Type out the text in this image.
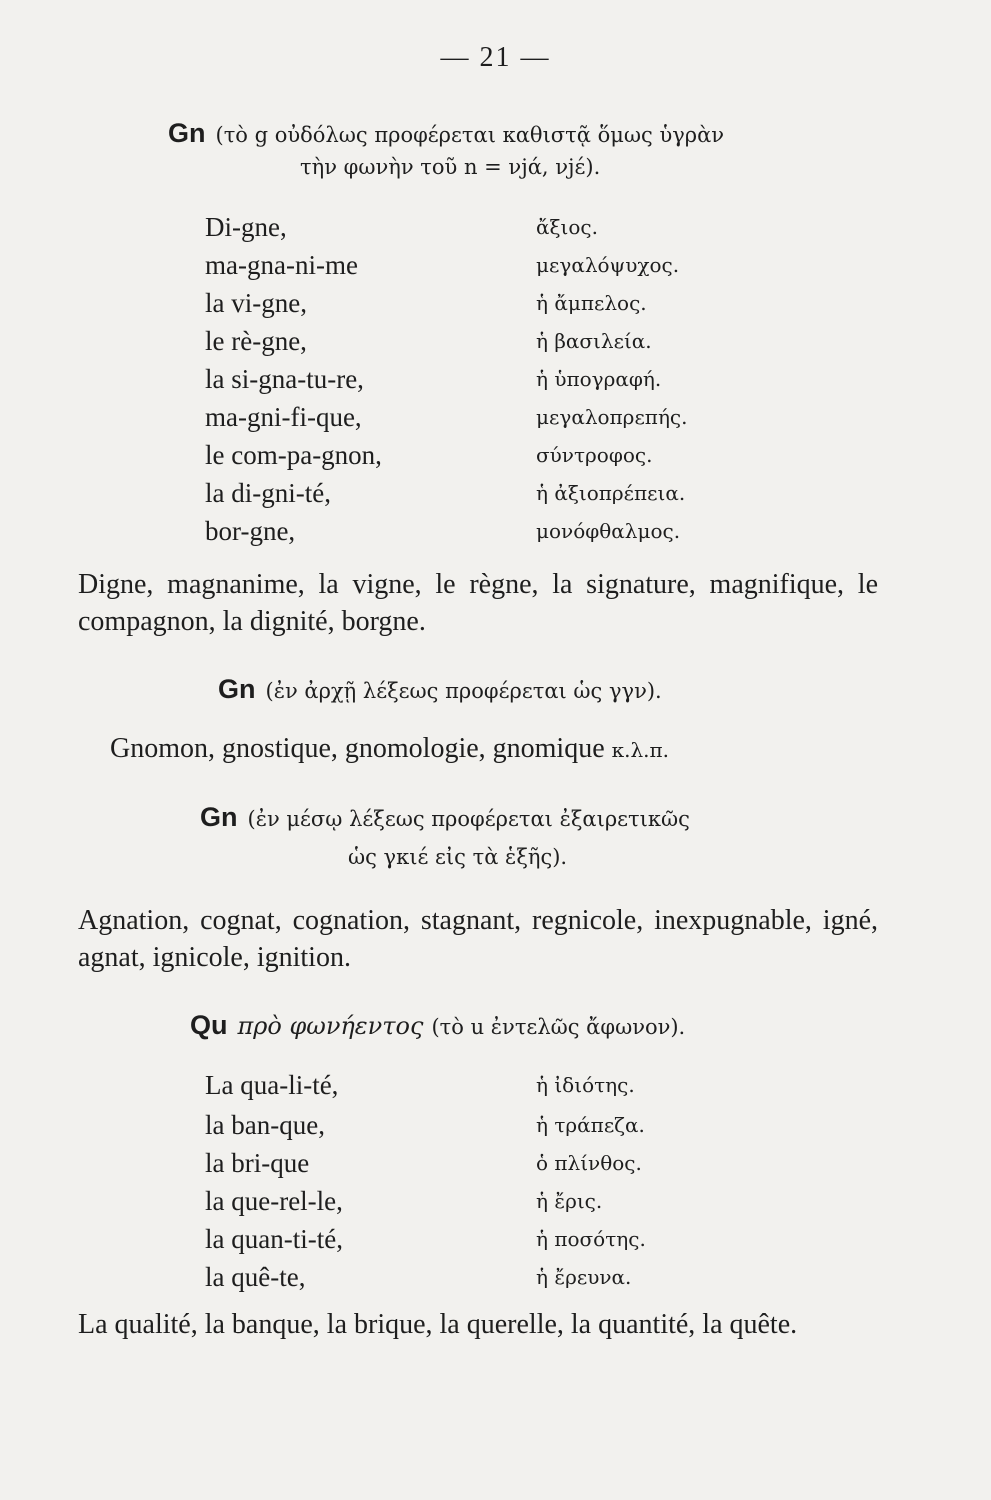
— 21 —
Gn (τὸ g οὐδόλως προφέρεται καθιστᾷ ὅμως ὑγρὰν
τὴν φωνὴν τοῦ n = νjά, νjέ).
Di-gne,	ἄξιος.
ma-gna-ni-me	μεγαλόψυχος.
la vi-gne,	ἡ ἄμπελος.
le rè-gne,	ἡ βασιλεία.
la si-gna-tu-re,	ἡ ὑπογραφή.
ma-gni-fi-que,	μεγαλοπρεπής.
le com-pa-gnon,	σύντροφος.
la di-gni-té,	ἡ ἀξιοπρέπεια.
bor-gne,	μονόφθαλμος.
Digne, magnanime, la vigne, le règne, la signature, magnifique, le compagnon, la dignité, borgne.
Gn (ἐν ἀρχῇ λέξεως προφέρεται ὡς γγν).
Gnomon, gnostique, gnomologie, gnomique κ.λ.π.
Gn (ἐν μέσῳ λέξεως προφέρεται ἐξαιρετικῶς
ὡς γκιέ εἰς τὰ ἑξῆς).
Agnation, cognat, cognation, stagnant, regnicole, inexpugnable, igné, agnat, ignicole, ignition.
Qu πρὸ φωνήεντος (τὸ u ἐντελῶς ἄφωνον).
La qua-li-té,	ἡ ἰδιότης.
la ban-que,	ἡ τράπεζα.
la bri-que	ὁ πλίνθος.
la que-rel-le,	ἡ ἔρις.
la quan-ti-té,	ἡ ποσότης.
la quê-te,	ἡ ἔρευνα.
La qualité, la banque, la brique, la querelle, la quantité, la quête.
